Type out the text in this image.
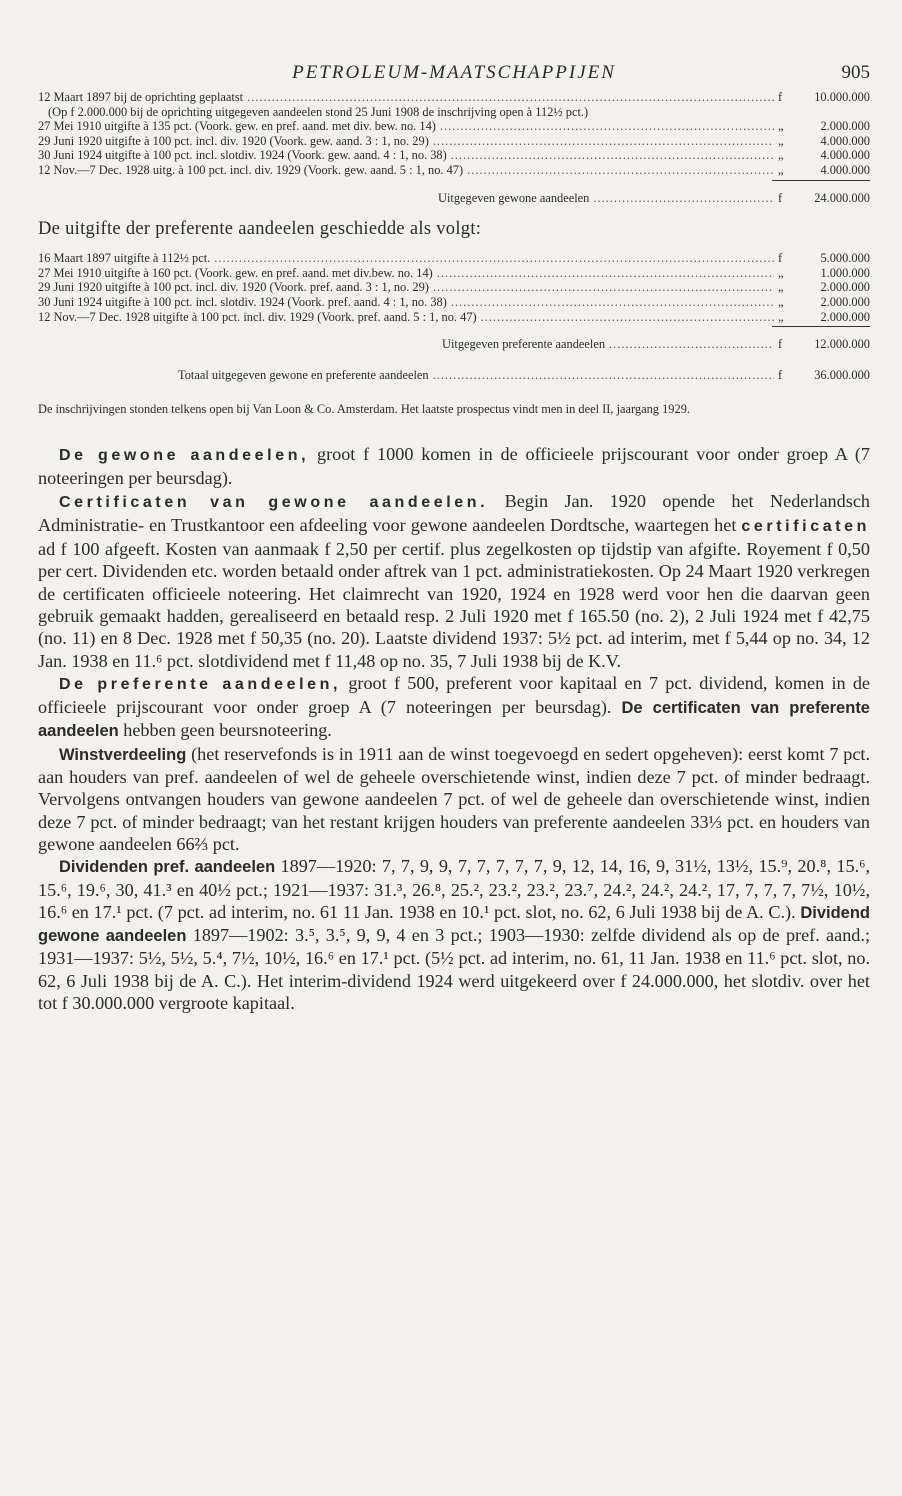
PETROLEUM-MAATSCHAPPIJEN	905
12 Maart 1897 bij de oprichting geplaatst .....	f	10.000.000
(Op f 2.000.000 bij de oprichting uitgegeven aandeelen stond 25 Juni 1908 de inschrijving open à 112½ pct.)
27 Mei 1910 uitgifte à 135 pct. (Voork. gew. en pref. aand. met div. bew. no. 14) .....	„	2.000.000
29 Juni 1920 uitgifte à 100 pct. incl. div. 1920 (Voork. gew. aand. 3 : 1, no. 29) .....	„	4.000.000
30 Juni 1924 uitgifte à 100 pct. incl. slotdiv. 1924 (Voork. gew. aand. 4 : 1, no. 38) .....	„	4.000.000
12 Nov.—7 Dec. 1928 uitg. à 100 pct. incl. div. 1929 (Voork. gew. aand. 5 : 1, no. 47) .....	„	4.000.000
Uitgegeven gewone aandeelen .....	f	24.000.000
De uitgifte der preferente aandeelen geschiedde als volgt:
16 Maart 1897 uitgifte à 112½ pct. .....	f	5.000.000
27 Mei 1910 uitgifte à 160 pct. (Voork. gew. en pref. aand. met div.bew. no. 14) .....	„	1.000.000
29 Juni 1920 uitgifte à 100 pct. incl. div. 1920 (Voork. pref. aand. 3 : 1, no. 29) .....	„	2.000.000
30 Juni 1924 uitgifte à 100 pct. incl. slotdiv. 1924 (Voork. pref. aand. 4 : 1, no. 38) .....	„	2.000.000
12 Nov.—7 Dec. 1928 uitgifte à 100 pct. incl. div. 1929 (Voork. pref. aand. 5 : 1, no. 47) .....	„	2.000.000
Uitgegeven preferente aandeelen .....	f	12.000.000
Totaal uitgegeven gewone en preferente aandeelen .....	f	36.000.000
De inschrijvingen stonden telkens open bij Van Loon & Co. Amsterdam. Het laatste prospectus vindt men in deel II, jaargang 1929.

De gewone aandeelen, groot f 1000 komen in de officieele prijscourant voor onder groep A (7 noteeringen per beursdag).

Certificaten van gewone aandeelen. Begin Jan. 1920 opende het Nederlandsch Administratie- en Trustkantoor een afdeeling voor gewone aandeelen Dordtsche, waartegen het certificaten ad f 100 afgeeft. Kosten van aanmaak f 2,50 per certif. plus zegelkosten op tijdstip van afgifte. Royement f 0,50 per cert. Dividenden etc. worden betaald onder aftrek van 1 pct. administratiekosten. Op 24 Maart 1920 verkregen de certificaten officieele noteering. Het claimrecht van 1920, 1924 en 1928 werd voor hen die daarvan geen gebruik gemaakt hadden, gerealiseerd en betaald resp. 2 Juli 1920 met f 165.50 (no. 2), 2 Juli 1924 met f 42,75 (no. 11) en 8 Dec. 1928 met f 50,35 (no. 20). Laatste dividend 1937: 5½ pct. ad interim, met f 5,44 op no. 34, 12 Jan. 1938 en 11.⁶ pct. slotdividend met f 11,48 op no. 35, 7 Juli 1938 bij de K.V.

De preferente aandeelen, groot f 500, preferent voor kapitaal en 7 pct. dividend, komen in de officieele prijscourant voor onder groep A (7 noteeringen per beursdag). De certificaten van preferente aandeelen hebben geen beursnoteering.

Winstverdeeling (het reservefonds is in 1911 aan de winst toegevoegd en sedert opgeheven): eerst komt 7 pct. aan houders van pref. aandeelen of wel de geheele overschietende winst, indien deze 7 pct. of minder bedraagt. Vervolgens ontvangen houders van gewone aandeelen 7 pct. of wel de geheele dan overschietende winst, indien deze 7 pct. of minder bedraagt; van het restant krijgen houders van preferente aandeelen 33⅓ pct. en houders van gewone aandeelen 66⅔ pct.

Dividenden pref. aandeelen 1897—1920: 7, 7, 9, 9, 7, 7, 7, 7, 7, 9, 12, 14, 16, 9, 31½, 13½, 15.⁹, 20.⁸, 15.⁶, 15.⁶, 19.⁶, 30, 41.³ en 40½ pct.; 1921—1937: 31.³, 26.⁸, 25.², 23.², 23.², 23.⁷, 24.², 24.², 24.², 17, 7, 7, 7, 7½, 10½, 16.⁶ en 17.¹ pct. (7 pct. ad interim, no. 61 11 Jan. 1938 en 10.¹ pct. slot, no. 62, 6 Juli 1938 bij de A. C.). Dividend gewone aandeelen 1897—1902: 3.⁵, 3.⁵, 9, 9, 4 en 3 pct.; 1903—1930: zelfde dividend als op de pref. aand.; 1931—1937: 5½, 5½, 5.⁴, 7½, 10½, 16.⁶ en 17.¹ pct. (5½ pct. ad interim, no. 61, 11 Jan. 1938 en 11.⁶ pct. slot, no. 62, 6 Juli 1938 bij de A. C.). Het interim-dividend 1924 werd uitgekeerd over f 24.000.000, het slotdiv. over het tot f 30.000.000 vergroote kapitaal.
